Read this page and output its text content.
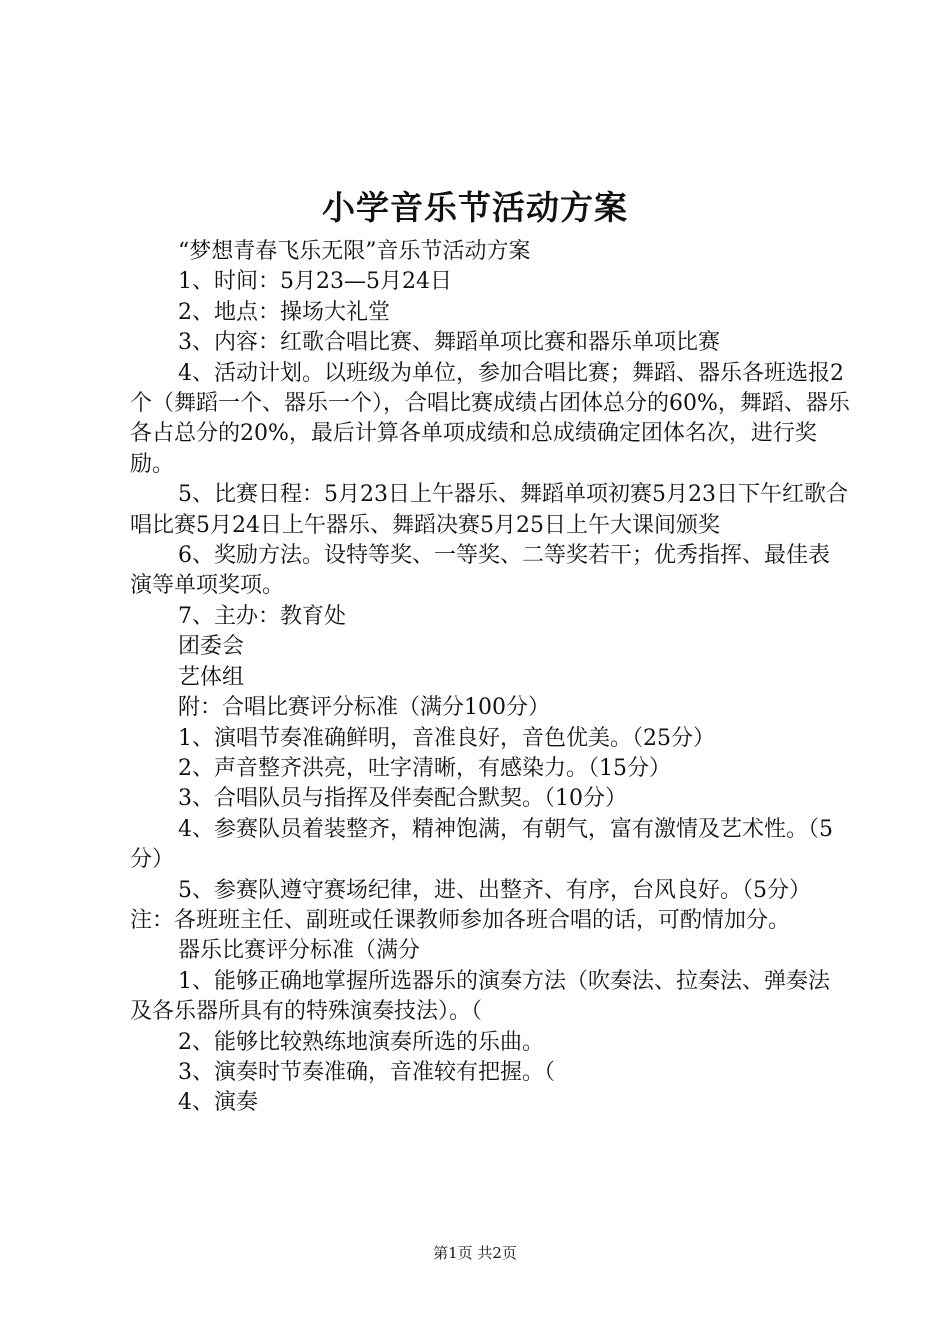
小学音乐节活动方案

“梦想青春飞乐无限”音乐节活动方案

1、时间：5月23—5月24日

2、地点：操场大礼堂

3、内容：红歌合唱比赛、舞蹈单项比赛和器乐单项比赛

4、活动计划。以班级为单位，参加合唱比赛；舞蹈、器乐各班选报2个（舞蹈一个、器乐一个），合唱比赛成绩占团体总分的60%，舞蹈、器乐各占总分的20%，最后计算各单项成绩和总成绩确定团体名次，进行奖励。

5、比赛日程：5月23日上午器乐、舞蹈单项初赛5月23日下午红歌合唱比赛5月24日上午器乐、舞蹈决赛5月25日上午大课间颁奖

6、奖励方法。设特等奖、一等奖、二等奖若干；优秀指挥、最佳表演等单项奖项。

7、主办：教育处

团委会

艺体组

附：合唱比赛评分标准（满分100分）

1、演唱节奏准确鲜明，音准良好，音色优美。（25分）

2、声音整齐洪亮，吐字清晰，有感染力。（15分）

3、合唱队员与指挥及伴奏配合默契。（10分）

4、参赛队员着装整齐，精神饱满，有朝气，富有激情及艺术性。（5分）

5、参赛队遵守赛场纪律，进、出整齐、有序，台风良好。（5分）注：各班班主任、副班或任课教师参加各班合唱的话，可酌情加分。

器乐比赛评分标准（满分

1、能够正确地掌握所选器乐的演奏方法（吹奏法、拉奏法、弹奏法及各乐器所具有的特殊演奏技法）。（

2、能够比较熟练地演奏所选的乐曲。

3、演奏时节奏准确，音准较有把握。（

4、演奏

第1页 共2页
